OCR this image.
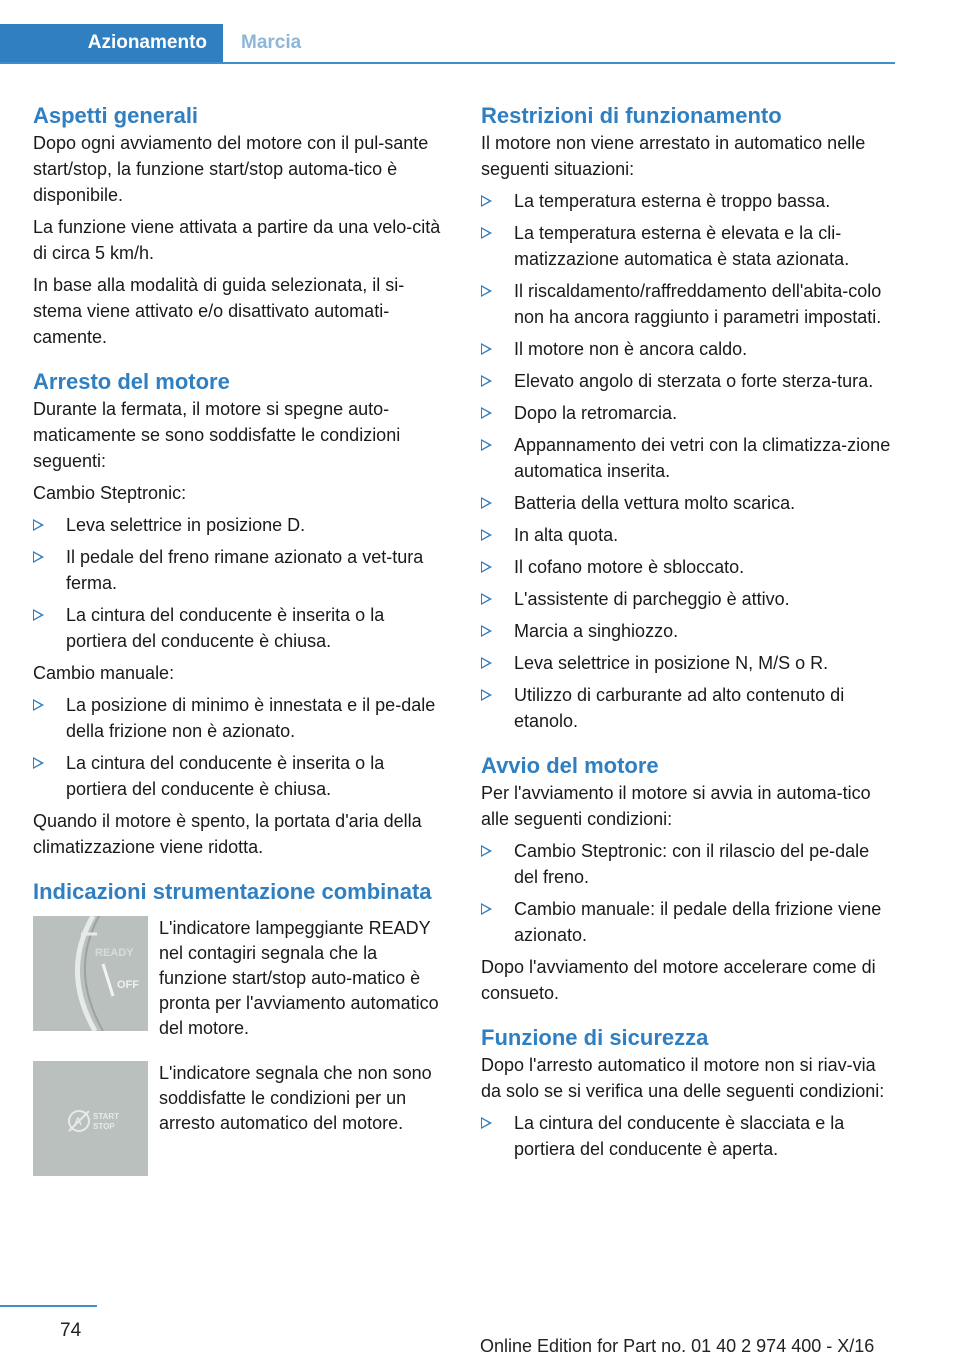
Azionamento	Marcia
Aspetti generali

Dopo ogni avviamento del motore con il pul-sante start/stop, la funzione start/stop automa-tico è disponibile.

La funzione viene attivata a partire da una velo-cità di circa 5 km/h.

In base alla modalità di guida selezionata, il si-stema viene attivato e/o disattivato automati-camente.

Arresto del motore

Durante la fermata, il motore si spegne auto-maticamente se sono soddisfatte le condizioni seguenti:

Cambio Steptronic:

Leva selettrice in posizione D.
Il pedale del freno rimane azionato a vet-tura ferma.
La cintura del conducente è inserita o la portiera del conducente è chiusa.

Cambio manuale:

La posizione di minimo è innestata e il pe-dale della frizione non è azionato.
La cintura del conducente è inserita o la portiera del conducente è chiusa.

Quando il motore è spento, la portata d'aria della climatizzazione viene ridotta.

Indicazioni strumentazione combinata
READY
OFF

L'indicatore lampeggiante READY nel contagiri segnala che la funzione start/stop auto-matico è pronta per l'avviamento automatico del motore.

A START
STOP

L'indicatore segnala che non sono soddisfatte le condizioni per un arresto automatico del motore.

Restrizioni di funzionamento

Il motore non viene arrestato in automatico nelle seguenti situazioni:

La temperatura esterna è troppo bassa.
La temperatura esterna è elevata e la cli-matizzazione automatica è stata azionata.
Il riscaldamento/raffreddamento dell'abita-colo non ha ancora raggiunto i parametri impostati.
Il motore non è ancora caldo.
Elevato angolo di sterzata o forte sterza-tura.
Dopo la retromarcia.
Appannamento dei vetri con la climatizza-zione automatica inserita.
Batteria della vettura molto scarica.
In alta quota.
Il cofano motore è sbloccato.
L'assistente di parcheggio è attivo.
Marcia a singhiozzo.
Leva selettrice in posizione N, M/S o R.
Utilizzo di carburante ad alto contenuto di etanolo.
Avvio del motore

Per l'avviamento il motore si avvia in automa-tico alle seguenti condizioni:

Cambio Steptronic: con il rilascio del pe-dale del freno.
Cambio manuale: il pedale della frizione viene azionato.

Dopo l'avviamento del motore accelerare come di consueto.

Funzione di sicurezza

Dopo l'arresto automatico il motore non si riav-via da solo se si verifica una delle seguenti condizioni:

La cintura del conducente è slacciata e la portiera del conducente è aperta.
74
Online Edition for Part no. 01 40 2 974 400 - X/16
